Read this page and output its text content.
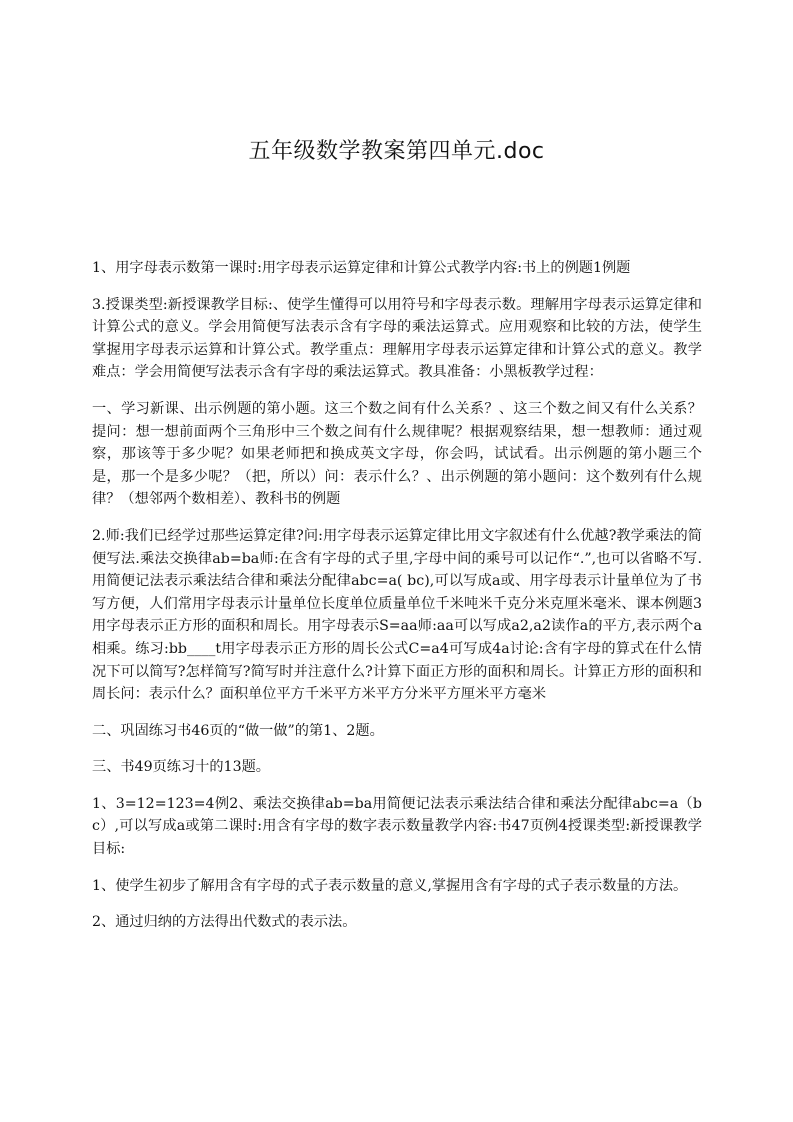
五年级数学教案第四单元.doc

1、用字母表示数第一课时:用字母表示运算定律和计算公式教学内容:书上的例题1例题

3.授课类型:新授课教学目标:、使学生懂得可以用符号和字母表示数。理解用字母表示运算定律和计算公式的意义。学会用简便写法表示含有字母的乘法运算式。应用观察和比较的方法，使学生掌握用字母表示运算和计算公式。教学重点：理解用字母表示运算定律和计算公式的意义。教学难点：学会用简便写法表示含有字母的乘法运算式。教具准备：小黑板教学过程：

一、学习新课、出示例题的第小题。这三个数之间有什么关系？、这三个数之间又有什么关系？提问：想一想前面两个三角形中三个数之间有什么规律呢？根据观察结果，想一想教师：通过观察，那该等于多少呢？如果老师把和换成英文字母，你会吗，试试看。出示例题的第小题三个是，那一个是多少呢？（把，所以）问：表示什么？、出示例题的第小题问：这个数列有什么规律？（想邻两个数相差）、教科书的例题

2.师:我们已经学过那些运算定律?问:用字母表示运算定律比用文字叙述有什么优越?教学乘法的简便写法.乘法交换律ab=ba师:在含有字母的式子里,字母中间的乘号可以记作“.”,也可以省略不写.用简便记法表示乘法结合律和乘法分配律abc=a( bc),可以写成a或、用字母表示计量单位为了书写方便，人们常用字母表示计量单位长度单位质量单位千米吨米千克分米克厘米毫米、课本例题3用字母表示正方形的面积和周长。用字母表示S=aa师:aa可以写成a2,a2读作a的平方,表示两个a相乘。练习:bb____t用字母表示正方形的周长公式C=a4可写成4a讨论:含有字母的算式在什么情况下可以简写?怎样简写?简写时并注意什么?计算下面正方形的面积和周长。计算正方形的面积和周长问：表示什么？面积单位平方千米平方米平方分米平方厘米平方毫米

二、巩固练习书46页的“做一做”的第1、2题。

三、书49页练习十的13题。

1、3=12=123=4例2、乘法交换律ab=ba用简便记法表示乘法结合律和乘法分配律abc=a（bc）,可以写成a或第二课时:用含有字母的数字表示数量教学内容:书47页例4授课类型:新授课教学目标:

1、使学生初步了解用含有字母的式子表示数量的意义,掌握用含有字母的式子表示数量的方法。

2、通过归纳的方法得出代数式的表示法。
